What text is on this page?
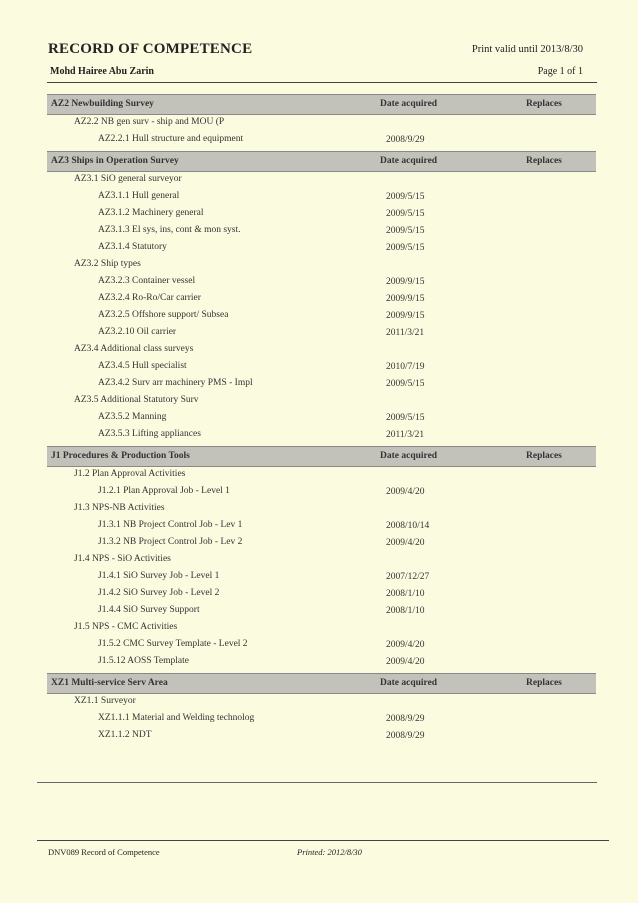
RECORD OF COMPETENCE	Print valid until 2013/8/30
Mohd Hairee Abu Zarin	Page 1 of 1
AZ2 Newbuilding Survey	Date acquired	Replaces
AZ2.2 NB gen surv - ship and MOU (P
AZ2.2.1 Hull structure and equipment	2008/9/29
AZ3 Ships in Operation Survey	Date acquired	Replaces
AZ3.1 SiO general surveyor
AZ3.1.1 Hull general	2009/5/15
AZ3.1.2 Machinery general	2009/5/15
AZ3.1.3 El sys, ins, cont & mon syst.	2009/5/15
AZ3.1.4 Statutory	2009/5/15
AZ3.2 Ship types
AZ3.2.3 Container vessel	2009/9/15
AZ3.2.4 Ro-Ro/Car carrier	2009/9/15
AZ3.2.5 Offshore support/ Subsea	2009/9/15
AZ3.2.10 Oil carrier	2011/3/21
AZ3.4 Additional class surveys
AZ3.4.5 Hull specialist	2010/7/19
AZ3.4.2 Surv arr machinery PMS - Impl	2009/5/15
AZ3.5 Additional Statutory Surv
AZ3.5.2 Manning	2009/5/15
AZ3.5.3 Lifting appliances	2011/3/21
J1 Procedures & Production Tools	Date acquired	Replaces
J1.2 Plan Approval Activities
J1.2.1 Plan Approval Job - Level 1	2009/4/20
J1.3 NPS-NB Activities
J1.3.1 NB Project Control Job - Lev 1	2008/10/14
J1.3.2 NB Project Control Job - Lev 2	2009/4/20
J1.4 NPS - SiO Activities
J1.4.1 SiO Survey Job - Level 1	2007/12/27
J1.4.2 SiO Survey Job - Level 2	2008/1/10
J1.4.4 SiO Survey Support	2008/1/10
J1.5 NPS - CMC Activities
J1.5.2 CMC Survey Template - Level 2	2009/4/20
J1.5.12 AOSS Template	2009/4/20
XZ1 Multi-service Serv Area	Date acquired	Replaces
XZ1.1 Surveyor
XZ1.1.1 Material and Welding technolog	2008/9/29
XZ1.1.2 NDT	2008/9/29
DNV089 Record of Competence	Printed: 2012/8/30
